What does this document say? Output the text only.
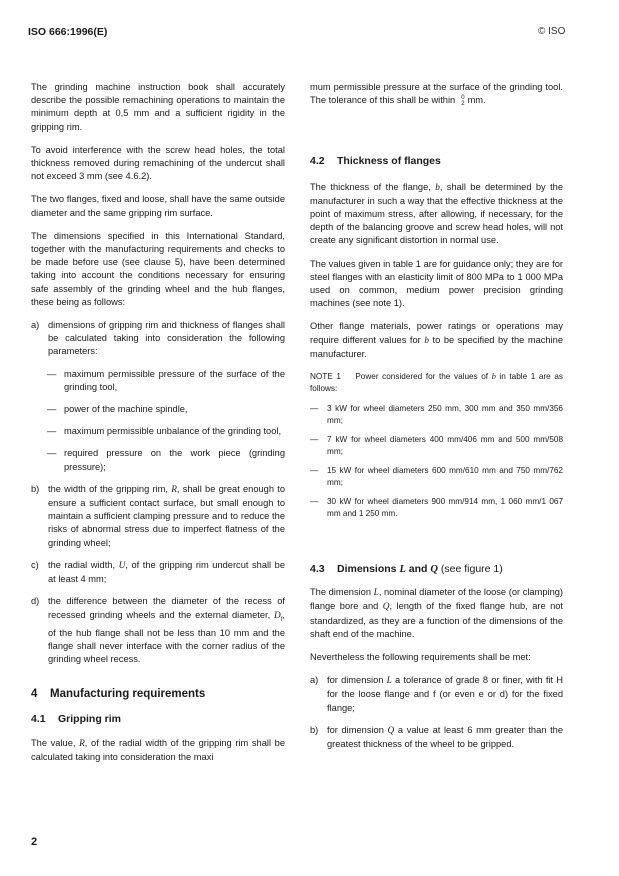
ISO 666:1996(E)	© ISO

The grinding machine instruction book shall accurately describe the possible remachining operations to maintain the minimum depth at 0,5 mm and a sufficient rigidity in the gripping rim.

To avoid interference with the screw head holes, the total thickness removed during remachining of the undercut shall not exceed 3 mm (see 4.6.2).

The two flanges, fixed and loose, shall have the same outside diameter and the same gripping rim surface.

The dimensions specified in this International Standard, together with the manufacturing requirements and checks to be made before use (see clause 5), have been determined taking into account the conditions necessary for ensuring safe assembly of the grinding wheel and the hub flanges, these being as follows:

a) dimensions of gripping rim and thickness of flanges shall be calculated taking into consideration the following parameters:
— maximum permissible pressure of the surface of the grinding tool,
— power of the machine spindle,
— maximum permissible unbalance of the grinding tool,
— required pressure on the work piece (grinding pressure);
b) the width of the gripping rim, R, shall be great enough to ensure a sufficient contact surface, but small enough to maintain a sufficient clamping pressure and to reduce the risks of abnormal stress due to imperfect flatness of the grinding wheel;
c) the radial width, U, of the gripping rim undercut shall be at least 4 mm;
d) the difference between the diameter of the recess of recessed grinding wheels and the external diameter, $D_f$, of the hub flange shall not be less than 10 mm and the flange shall never interface with the corner radius of the grinding wheel recess.
4 Manufacturing requirements
4.1 Gripping rim

The value, R, of the radial width of the gripping rim shall be calculated taking into consideration the maxi

mum permissible pressure at the surface of the grinding tool. The tolerance of this shall be within 0
2 mm.

4.2 Thickness of flanges

The thickness of the flange, b, shall be determined by the manufacturer in such a way that the effective thickness at the point of maximum stress, after allowing, if necessary, for the depth of the balancing groove and screw head holes, will not create any significant distortion in normal use.

The values given in table 1 are for guidance only; they are for steel flanges with an elasticity limit of 800 MPa to 1 000 MPa used on common, medium power precision grinding machines (see note 1).

Other flange materials, power ratings or operations may require different values for b to be specified by the machine manufacturer.

NOTE 1 Power considered for the values of b in table 1 are as follows:

—	3 kW for wheel diameters 250 mm, 300 mm and 350 mm/356 mm;
—	7 kW for wheel diameters 400 mm/406 mm and 500 mm/508 mm;
—	15 kW for wheel diameters 600 mm/610 mm and 750 mm/762 mm;
—	30 kW for wheel diameters 900 mm/914 mm, 1 060 mm/1 067 mm and 1 250 mm.
4.3 Dimensions L and Q (see figure 1)

The dimension L, nominal diameter of the loose (or clamping) flange bore and Q, length of the fixed flange hub, are not standardized, as they are a function of the dimensions of the shaft end of the machine.

Nevertheless the following requirements shall be met:

a) for dimension L a tolerance of grade 8 or finer, with fit H for the loose flange and f (or even e or d) for the fixed flange;
b) for dimension Q a value at least 6 mm greater than the greatest thickness of the wheel to be gripped.
2
